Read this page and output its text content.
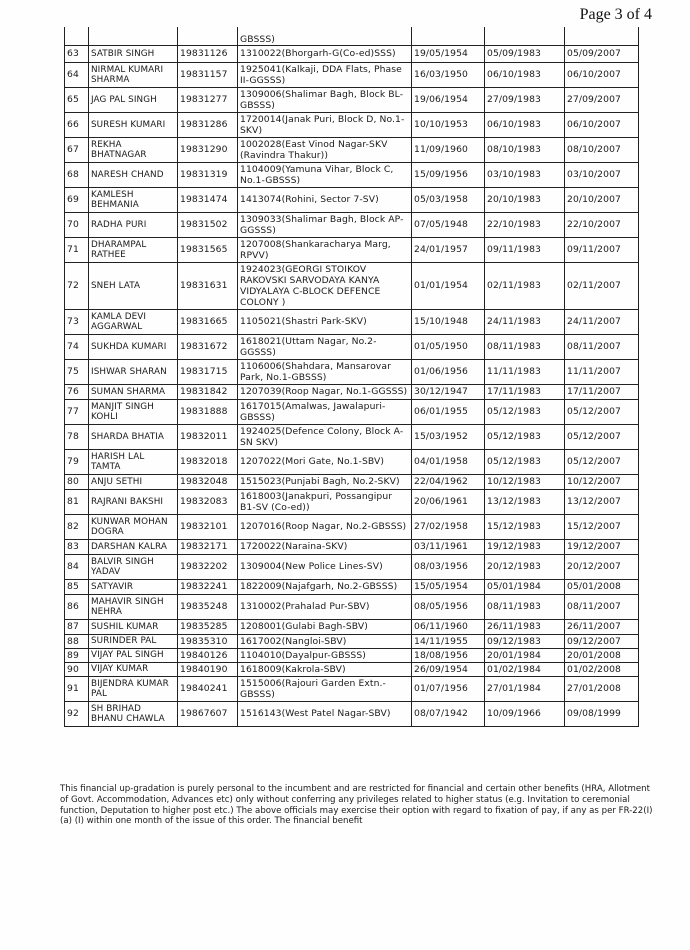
Page 3 of 4
			GBSSS)			
63	SATBIR SINGH	19831126	1310022(Bhorgarh-G(Co-ed)SSS)	19/05/1954	05/09/1983	05/09/2007
64	NIRMAL KUMARI SHARMA	19831157	1925041(Kalkaji, DDA Flats, Phase II-GGSSS)	16/03/1950	06/10/1983	06/10/2007
65	JAG PAL SINGH	19831277	1309006(Shalimar Bagh, Block BL-GBSSS)	19/06/1954	27/09/1983	27/09/2007
66	SURESH KUMARI	19831286	1720014(Janak Puri, Block D, No.1-SKV)	10/10/1953	06/10/1983	06/10/2007
67	REKHA BHATNAGAR	19831290	1002028(East Vinod Nagar-SKV (Ravindra Thakur))	11/09/1960	08/10/1983	08/10/2007
68	NARESH CHAND	19831319	1104009(Yamuna Vihar, Block C, No.1-GBSSS)	15/09/1956	03/10/1983	03/10/2007
69	KAMLESH BEHMANIA	19831474	1413074(Rohini, Sector 7-SV)	05/03/1958	20/10/1983	20/10/2007
70	RADHA PURI	19831502	1309033(Shalimar Bagh, Block AP-GGSSS)	07/05/1948	22/10/1983	22/10/2007
71	DHARAMPAL RATHEE	19831565	1207008(Shankaracharya Marg, RPVV)	24/01/1957	09/11/1983	09/11/2007
72	SNEH LATA	19831631	1924023(GEORGI STOIKOV RAKOVSKI SARVODAYA KANYA VIDYALAYA C-BLOCK DEFENCE COLONY )	01/01/1954	02/11/1983	02/11/2007
73	KAMLA DEVI AGGARWAL	19831665	1105021(Shastri Park-SKV)	15/10/1948	24/11/1983	24/11/2007
74	SUKHDA KUMARI	19831672	1618021(Uttam Nagar, No.2-GGSSS)	01/05/1950	08/11/1983	08/11/2007
75	ISHWAR SHARAN	19831715	1106006(Shahdara, Mansarovar Park, No.1-GBSSS)	01/06/1956	11/11/1983	11/11/2007
76	SUMAN SHARMA	19831842	1207039(Roop Nagar, No.1-GGSSS)	30/12/1947	17/11/1983	17/11/2007
77	MANJIT SINGH KOHLI	19831888	1617015(Amalwas, Jawalapuri-GBSSS)	06/01/1955	05/12/1983	05/12/2007
78	SHARDA BHATIA	19832011	1924025(Defence Colony, Block A- SN SKV)	15/03/1952	05/12/1983	05/12/2007
79	HARISH LAL TAMTA	19832018	1207022(Mori Gate, No.1-SBV)	04/01/1958	05/12/1983	05/12/2007
80	ANJU SETHI	19832048	1515023(Punjabi Bagh, No.2-SKV)	22/04/1962	10/12/1983	10/12/2007
81	RAJRANI BAKSHI	19832083	1618003(Janakpuri, Possangipur B1-SV (Co-ed))	20/06/1961	13/12/1983	13/12/2007
82	KUNWAR MOHAN DOGRA	19832101	1207016(Roop Nagar, No.2-GBSSS)	27/02/1958	15/12/1983	15/12/2007
83	DARSHAN KALRA	19832171	1720022(Naraina-SKV)	03/11/1961	19/12/1983	19/12/2007
84	BALVIR SINGH YADAV	19832202	1309004(New Police Lines-SV)	08/03/1956	20/12/1983	20/12/2007
85	SATYAVIR	19832241	1822009(Najafgarh, No.2-GBSSS)	15/05/1954	05/01/1984	05/01/2008
86	MAHAVIR SINGH NEHRA	19835248	1310002(Prahalad Pur-SBV)	08/05/1956	08/11/1983	08/11/2007
87	SUSHIL KUMAR	19835285	1208001(Gulabi Bagh-SBV)	06/11/1960	26/11/1983	26/11/2007
88	SURINDER PAL	19835310	1617002(Nangloi-SBV)	14/11/1955	09/12/1983	09/12/2007
89	VIJAY PAL SINGH	19840126	1104010(Dayalpur-GBSSS)	18/08/1956	20/01/1984	20/01/2008
90	VIJAY KUMAR	19840190	1618009(Kakrola-SBV)	26/09/1954	01/02/1984	01/02/2008
91	BIJENDRA KUMAR PAL	19840241	1515006(Rajouri Garden Extn.-GBSSS)	01/07/1956	27/01/1984	27/01/2008
92	SH BRIHAD BHANU CHAWLA	19867607	1516143(West Patel Nagar-SBV)	08/07/1942	10/09/1966	09/08/1999

This financial up-gradation is purely personal to the incumbent and are restricted for financial and certain other benefits (HRA, Allotment of Govt. Accommodation, Advances etc) only without conferring any privileges related to higher status (e.g. Invitation to ceremonial function, Deputation to higher post etc.) The above officials may exercise their option with regard to fixation of pay, if any as per FR-22(I) (a) (I) within one month of the issue of this order. The financial benefit
